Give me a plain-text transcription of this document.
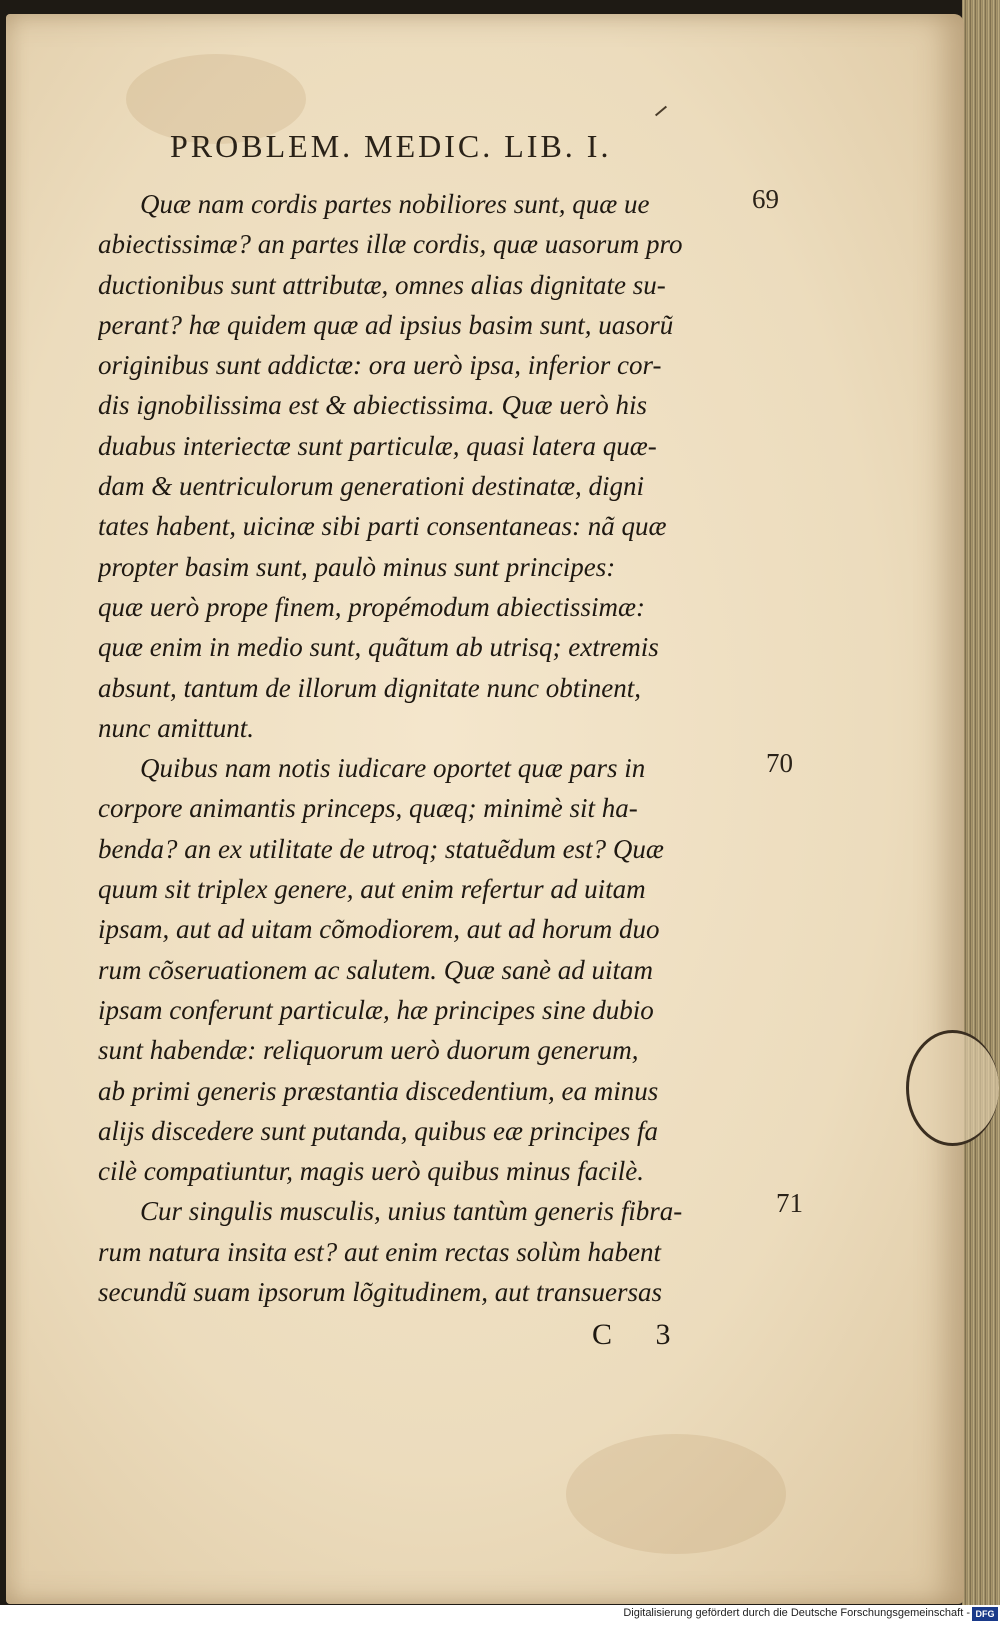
PROBLEM. MEDIC. LIB. I.
Quæ nam cordis partes nobiliores sunt, quæ ue
abiectissimæ? an partes illæ cordis, quæ uasorum pro
ductionibus sunt attributæ, omnes alias dignitate su-
perant? hæ quidem quæ ad ipsius basim sunt, uasorũ
originibus sunt addictæ: ora uerò ipsa, inferior cor-
dis ignobilissima est & abiectissima. Quæ uerò his
duabus interiectæ sunt particulæ, quasi latera quæ-
dam & uentriculorum generationi destinatæ, digni
tates habent, uicinæ sibi parti consentaneas: nã quæ
propter basim sunt, paulò minus sunt principes:
quæ uerò prope finem, propémodum abiectissimæ:
quæ enim in medio sunt, quãtum ab utrisq; extremis
absunt, tantum de illorum dignitate nunc obtinent,
nunc amittunt.
Quibus nam notis iudicare oportet quæ pars in
corpore animantis princeps, quæq; minimè sit ha-
benda? an ex utilitate de utroq; statuẽdum est? Quæ
quum sit triplex genere, aut enim refertur ad uitam
ipsam, aut ad uitam cõmodiorem, aut ad horum duo
rum cõseruationem ac salutem. Quæ sanè ad uitam
ipsam conferunt particulæ, hæ principes sine dubio
sunt habendæ: reliquorum uerò duorum generum,
ab primi generis præstantia discedentium, ea minus
alijs discedere sunt putanda, quibus eæ principes fa
cilè compatiuntur, magis uerò quibus minus facilè.
Cur singulis musculis, unius tantùm generis fibra-
rum natura insita est? aut enim rectas solùm habent
secundũ suam ipsorum lõgitudinem, aut transuersas
69
70
71
C 3
Digitalisierung gefördert durch die Deutsche Forschungsgemeinschaft - DFG
